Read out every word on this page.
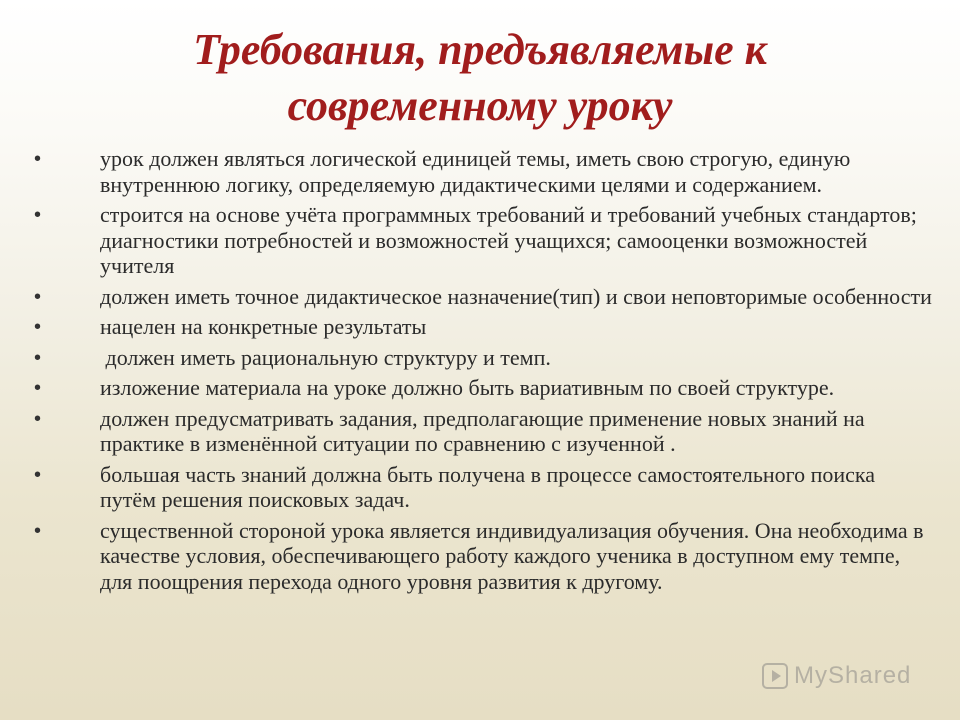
Требования, предъявляемые к
современному уроку
•	урок должен являться логической единицей темы, иметь свою строгую, единую внутреннюю логику, определяемую дидактическими целями и содержанием.
•	строится на основе учёта программных требований и требований учебных стандартов; диагностики потребностей и возможностей учащихся; самооценки возможностей учителя
•	должен иметь точное дидактическое назначение(тип) и свои неповторимые особенности
•	нацелен на конкретные результаты
•	должен иметь рациональную структуру и темп.
•	изложение материала на уроке должно быть вариативным по своей структуре.
•	должен предусматривать задания, предполагающие применение новых знаний на практике в изменённой ситуации по сравнению с изученной .
•	большая часть знаний должна быть получена в процессе самостоятельного поиска путём решения поисковых задач.
•	существенной стороной урока является индивидуализация обучения. Она необходима в качестве условия, обеспечивающего работу каждого ученика в доступном ему темпе, для поощрения перехода одного уровня развития к другому.
MyShared
